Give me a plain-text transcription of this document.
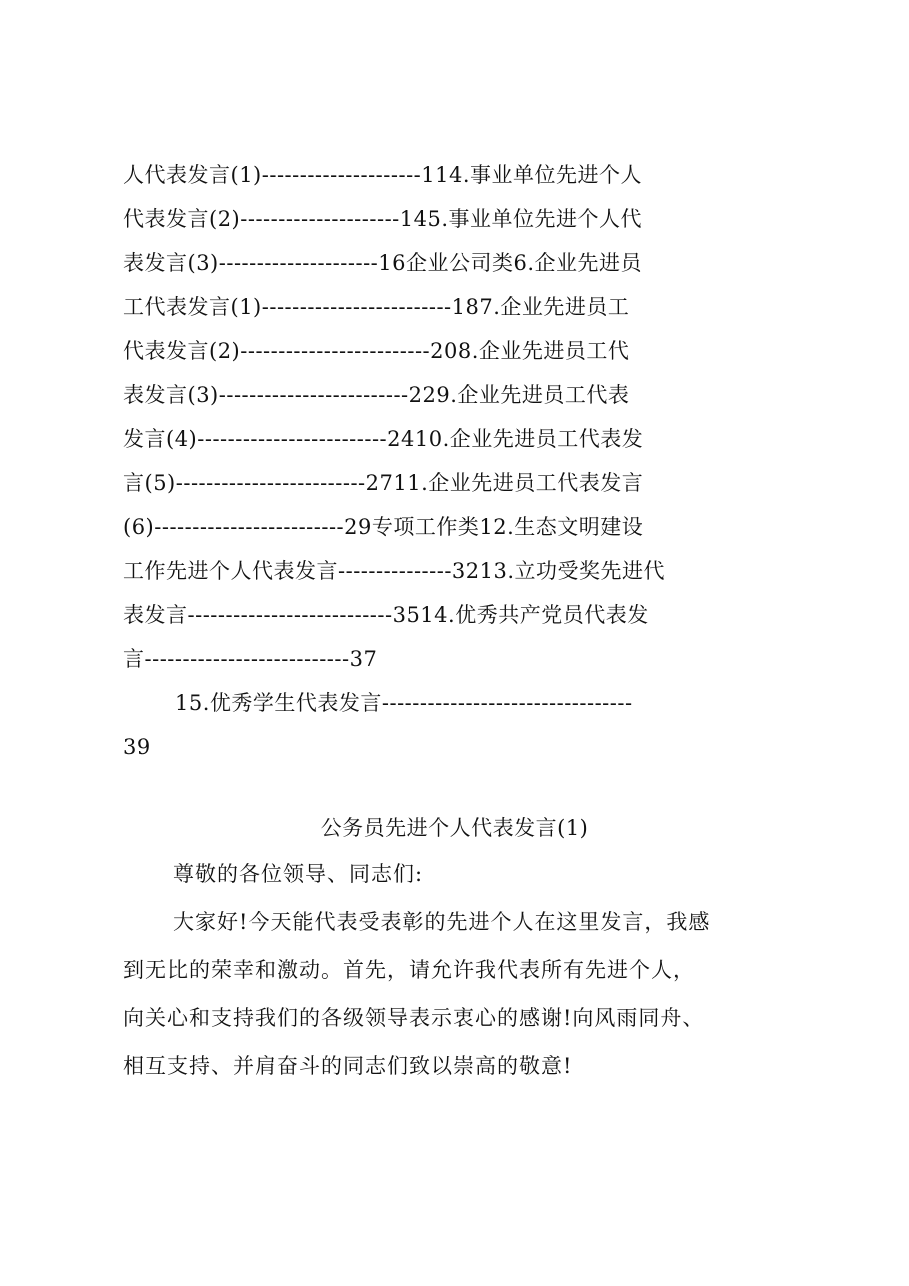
人代表发言(1)---------------------114.事业单位先进个人
代表发言(2)---------------------145.事业单位先进个人代
表发言(3)---------------------16企业公司类6.企业先进员
工代表发言(1)-------------------------187.企业先进员工
代表发言(2)-------------------------208.企业先进员工代
表发言(3)-------------------------229.企业先进员工代表
发言(4)-------------------------2410.企业先进员工代表发
言(5)-------------------------2711.企业先进员工代表发言
(6)-------------------------29专项工作类12.生态文明建设
工作先进个人代表发言---------------3213.立功受奖先进代
表发言---------------------------3514.优秀共产党员代表发
言---------------------------37
15.优秀学生代表发言---------------------------------
39
公务员先进个人代表发言(1)
尊敬的各位领导、同志们:
大家好!今天能代表受表彰的先进个人在这里发言，我感
到无比的荣幸和激动。首先，请允许我代表所有先进个人，
向关心和支持我们的各级领导表示衷心的感谢!向风雨同舟、
相互支持、并肩奋斗的同志们致以崇高的敬意!
